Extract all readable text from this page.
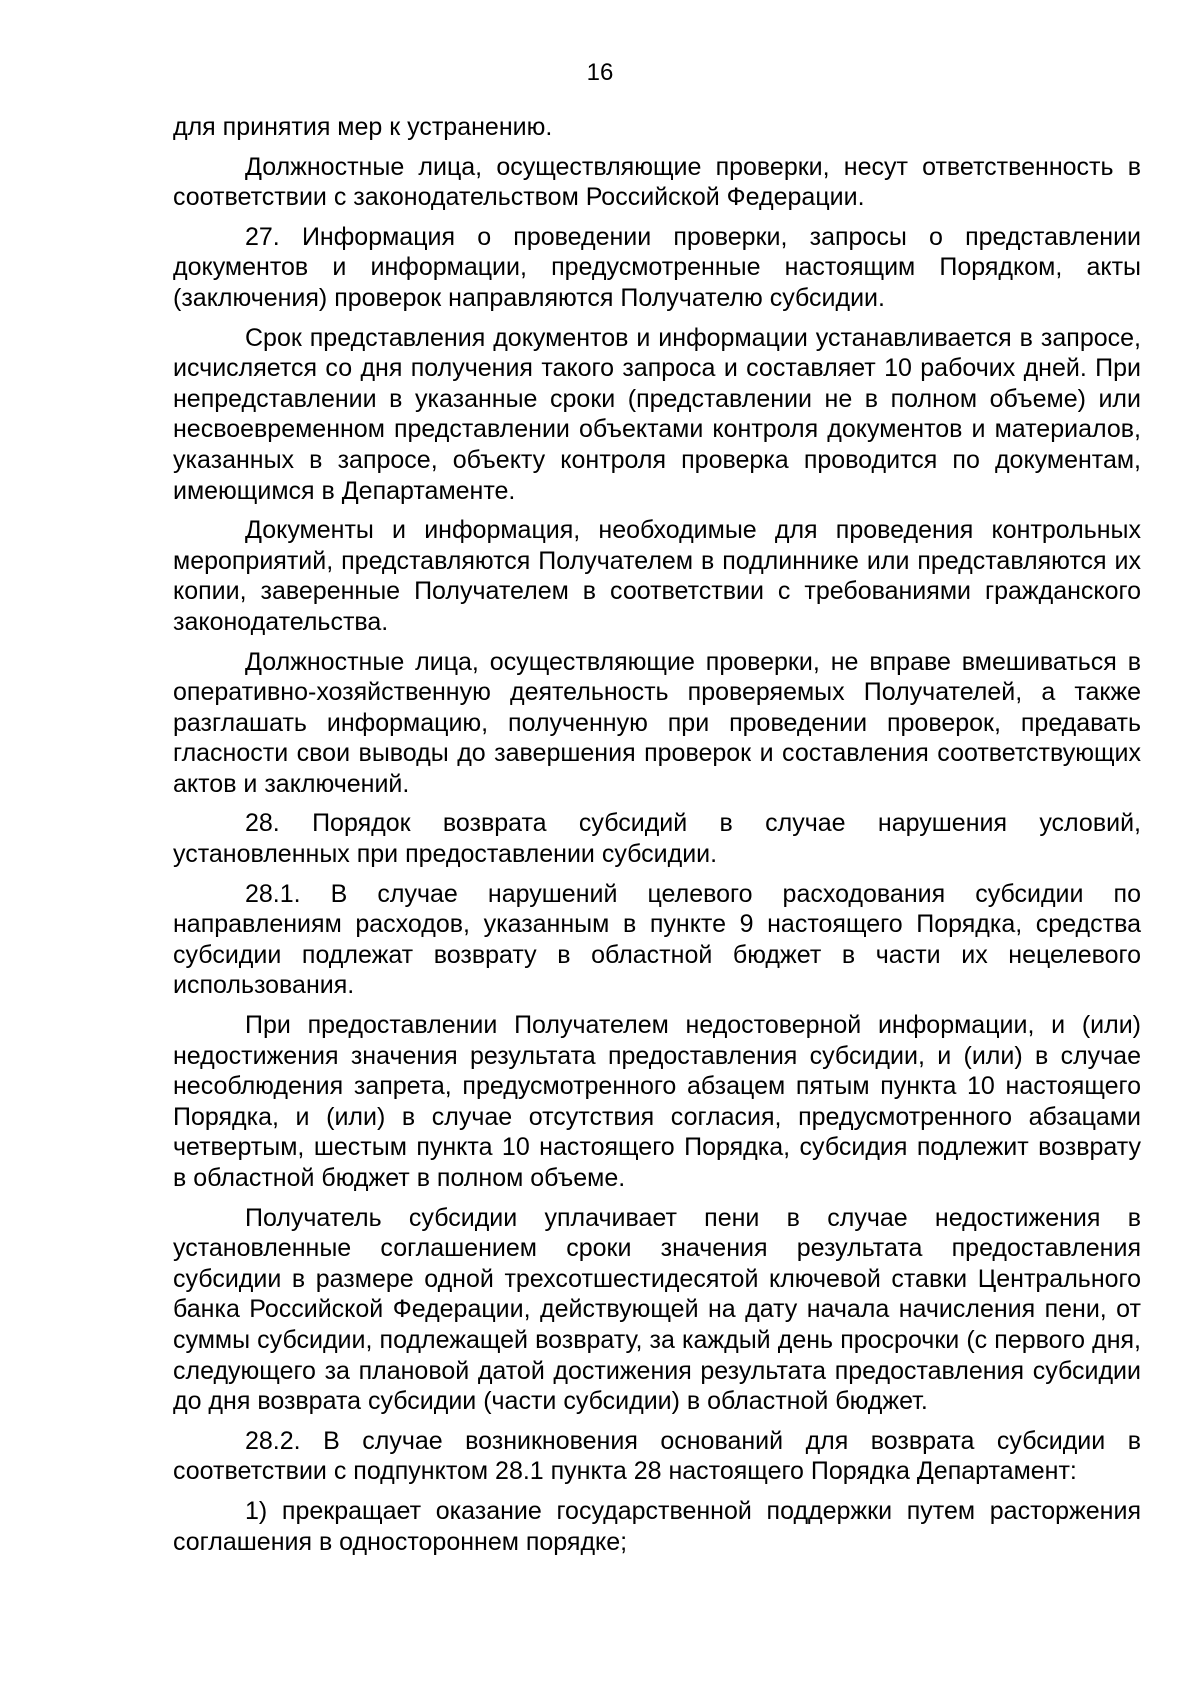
16

для принятия мер к устранению.

Должностные лица, осуществляющие проверки, несут ответственность в соответствии с законодательством Российской Федерации.

27. Информация о проведении проверки, запросы о представлении документов и информации, предусмотренные настоящим Порядком, акты (заключения) проверок направляются Получателю субсидии.

Срок представления документов и информации устанавливается в запросе, исчисляется со дня получения такого запроса и составляет 10 рабочих дней. При непредставлении в указанные сроки (представлении не в полном объеме) или несвоевременном представлении объектами контроля документов и материалов, указанных в запросе, объекту контроля проверка проводится по документам, имеющимся в Департаменте.

Документы и информация, необходимые для проведения контрольных мероприятий, представляются Получателем в подлиннике или представляются их копии, заверенные Получателем в соответствии с требованиями гражданского законодательства.

Должностные лица, осуществляющие проверки, не вправе вмешиваться в оперативно-хозяйственную деятельность проверяемых Получателей, а также разглашать информацию, полученную при проведении проверок, предавать гласности свои выводы до завершения проверок и составления соответствующих актов и заключений.

28. Порядок возврата субсидий в случае нарушения условий, установленных при предоставлении субсидии.

28.1. В случае нарушений целевого расходования субсидии по направлениям расходов, указанным в пункте 9 настоящего Порядка, средства субсидии подлежат возврату в областной бюджет в части их нецелевого использования.

При предоставлении Получателем недостоверной информации, и (или) недостижения значения результата предоставления субсидии, и (или) в случае несоблюдения запрета, предусмотренного абзацем пятым пункта 10 настоящего Порядка, и (или) в случае отсутствия согласия, предусмотренного абзацами четвертым, шестым пункта 10 настоящего Порядка, субсидия подлежит возврату в областной бюджет в полном объеме.

Получатель субсидии уплачивает пени в случае недостижения в установленные соглашением сроки значения результата предоставления субсидии в размере одной трехсотшестидесятой ключевой ставки Центрального банка Российской Федерации, действующей на дату начала начисления пени, от суммы субсидии, подлежащей возврату, за каждый день просрочки (с первого дня, следующего за плановой датой достижения результата предоставления субсидии до дня возврата субсидии (части субсидии) в областной бюджет.

28.2. В случае возникновения оснований для возврата субсидии в соответствии с подпунктом 28.1 пункта 28 настоящего Порядка Департамент:

1) прекращает оказание государственной поддержки путем расторжения соглашения в одностороннем порядке;
